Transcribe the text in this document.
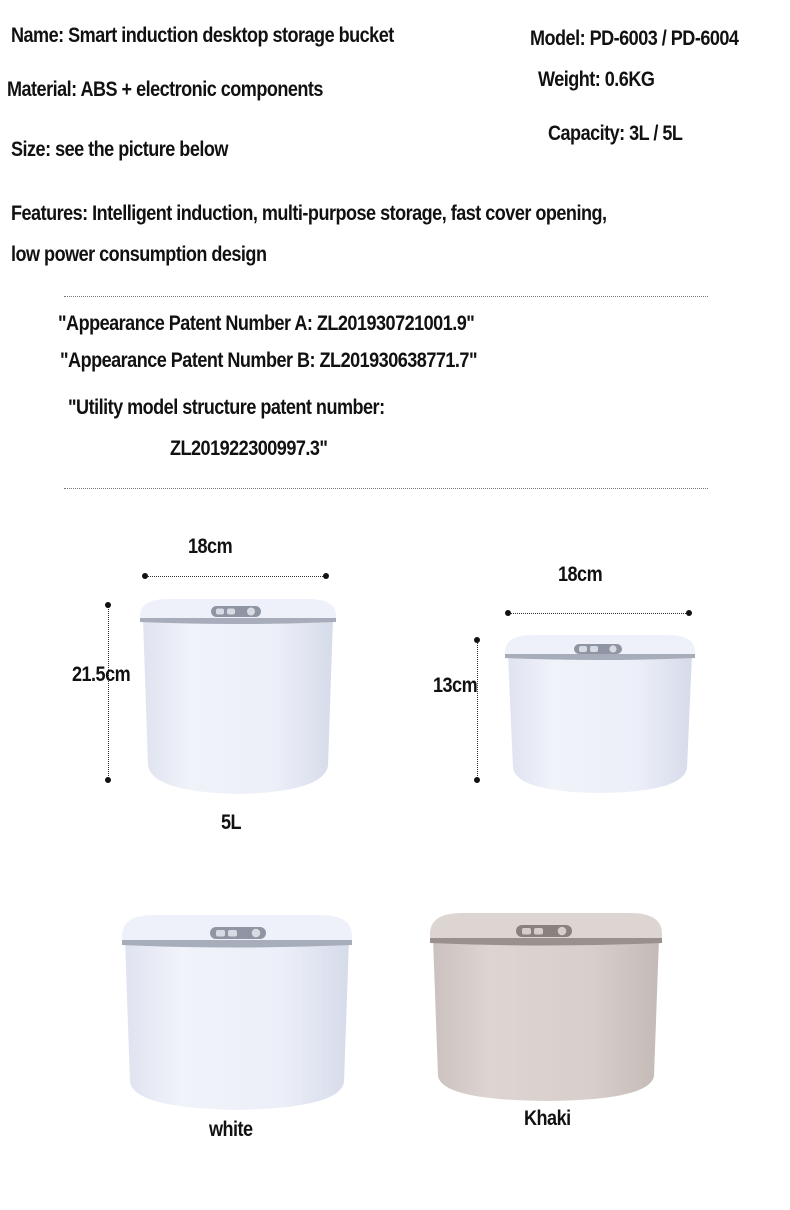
Name: Smart induction desktop storage bucket	Model: PD-6003 / PD-6004
Material: ABS + electronic components	Weight: 0.6KG
Capacity: 3L / 5L
Size: see the picture below
Features: Intelligent induction, multi-purpose storage, fast cover opening,
low power consumption design
"Appearance Patent Number A: ZL201930721001.9"
"Appearance Patent Number B: ZL201930638771.7"
"Utility model structure patent number:
ZL201922300997.3"
18cm
21.5cm
5L
18cm
13cm
white	Khaki
